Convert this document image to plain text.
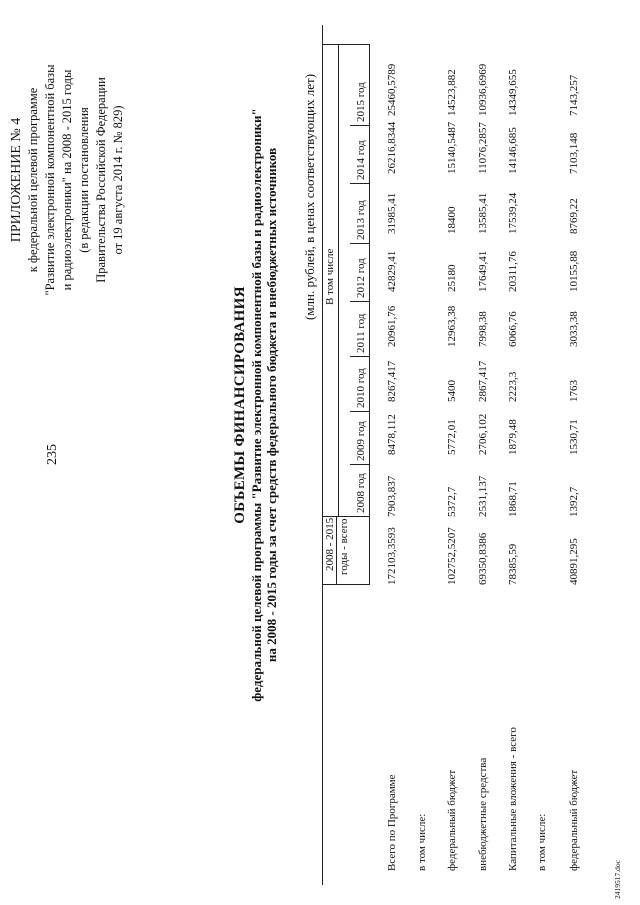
235
ПРИЛОЖЕНИЕ № 4 к федеральной целевой программе "Развитие электронной компонентной базы и радиоэлектроники" на 2008 - 2015 годы (в редакции постановления Правительства Российской Федерации от 19 августа 2014 г. № 829)
ОБЪЕМЫ ФИНАНСИРОВАНИЯ федеральной целевой программы "Развитие электронной компонентной базы и радиоэлектроники" на 2008 - 2015 годы за счет средств федерального бюджета и внебюджетных источников (млн. рублей, в ценах соответствующих лет)
2008 - 2015 годы - всего
В том числе
2008 год
2009 год
2010 год
2011 год
2012 год
2013 год
2014 год
2015 год
Всего по Программе
172103,3593
7903,837
8478,112
8267,417
20961,76
42829,41
31985,41
26216,8344
25460,5789
в том числе: федеральный бюджет
102752,5207
5372,7
5772,01
5400
12963,38
25180
18400
15140,5487
14523,882
внебюджетные средства
69350,8386
2531,137
2706,102
2867,417
7998,38
17649,41
13585,41
11076,2857
10936,6969
Капитальные вложения - всего
78385,59
1868,71
1879,48
2223,3
6066,76
20311,76
17539,24
14146,685
14349,655
в том числе: федеральный бюджет
40891,295
1392,7
1530,71
1763
3033,38
10155,88
8769,22
7103,148
7143,257
2419517.doc
